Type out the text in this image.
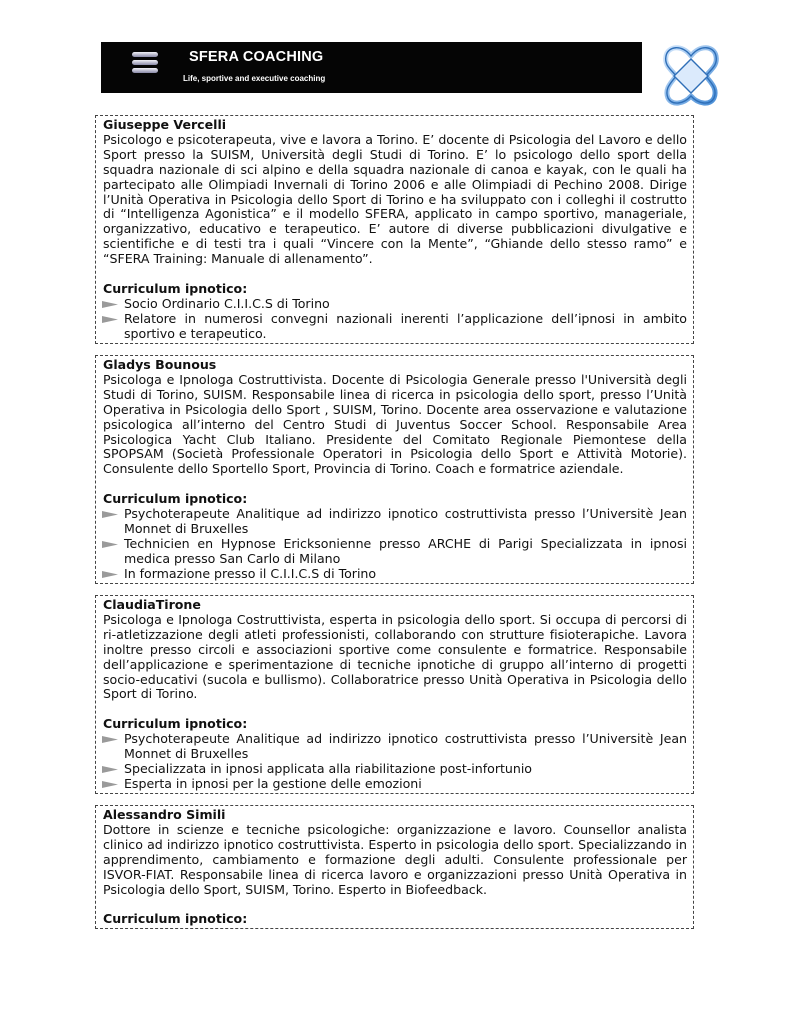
SFERA COACHING
Life, sportive and executive coaching
Giuseppe Vercelli
Psicologo e psicoterapeuta, vive e lavora a Torino. E’ docente di Psicologia del Lavoro e dello Sport presso la SUISM, Università degli Studi di Torino. E’ lo psicologo dello sport della squadra nazionale di sci alpino e della squadra nazionale di canoa e kayak, con le quali ha partecipato alle Olimpiadi Invernali di Torino 2006 e alle Olimpiadi di Pechino 2008. Dirige l’Unità Operativa in Psicologia dello Sport di Torino e ha sviluppato con i colleghi il costrutto di “Intelligenza Agonistica” e il modello SFERA, applicato in campo sportivo, manageriale, organizzativo, educativo e terapeutico. E’ autore di diverse pubblicazioni divulgative e scientifiche e di testi tra i quali “Vincere con la Mente”, “Ghiande dello stesso ramo” e “SFERA Training: Manuale di allenamento”.
Curriculum ipnotico:
Socio Ordinario C.I.I.C.S di Torino
Relatore in numerosi convegni nazionali inerenti l’applicazione dell’ipnosi in ambito sportivo e terapeutico.
Gladys Bounous
Psicologa e Ipnologa Costruttivista. Docente di Psicologia Generale presso l'Università degli Studi di Torino, SUISM. Responsabile linea di ricerca in psicologia dello sport, presso l’Unità Operativa in Psicologia dello Sport , SUISM, Torino. Docente area osservazione e valutazione psicologica all’interno del Centro Studi di Juventus Soccer School. Responsabile Area Psicologica Yacht Club Italiano. Presidente del Comitato Regionale Piemontese della SPOPSAM (Società Professionale Operatori in Psicologia dello Sport e Attività Motorie). Consulente dello Sportello Sport, Provincia di Torino. Coach e formatrice aziendale.
Curriculum ipnotico:
Psychoterapeute Analitique ad indirizzo ipnotico costruttivista presso l’Universitè Jean Monnet di Bruxelles
Technicien en Hypnose Ericksonienne presso ARCHE di Parigi Specializzata in ipnosi medica presso San Carlo di Milano
In formazione presso il C.I.I.C.S di Torino
ClaudiaTirone
Psicologa e Ipnologa Costruttivista, esperta in psicologia dello sport. Si occupa di percorsi di ri-atletizzazione degli atleti professionisti, collaborando con strutture fisioterapiche. Lavora inoltre presso circoli e associazioni sportive come consulente e formatrice. Responsabile dell’applicazione e sperimentazione di tecniche ipnotiche di gruppo all’interno di progetti socio-educativi (sucola e bullismo). Collaboratrice presso Unità Operativa in Psicologia dello Sport di Torino.
Curriculum ipnotico:
Psychoterapeute Analitique ad indirizzo ipnotico costruttivista presso l’Universitè Jean Monnet di Bruxelles
Specializzata in ipnosi applicata alla riabilitazione post-infortunio
Esperta in ipnosi per la gestione delle emozioni
Alessandro Simili
Dottore in scienze e tecniche psicologiche: organizzazione e lavoro. Counsellor analista clinico ad indirizzo ipnotico costruttivista. Esperto in psicologia dello sport. Specializzando in apprendimento, cambiamento e formazione degli adulti. Consulente professionale per ISVOR-FIAT. Responsabile linea di ricerca lavoro e organizzazioni presso Unità Operativa in Psicologia dello Sport, SUISM, Torino. Esperto in Biofeedback.
Curriculum ipnotico:
